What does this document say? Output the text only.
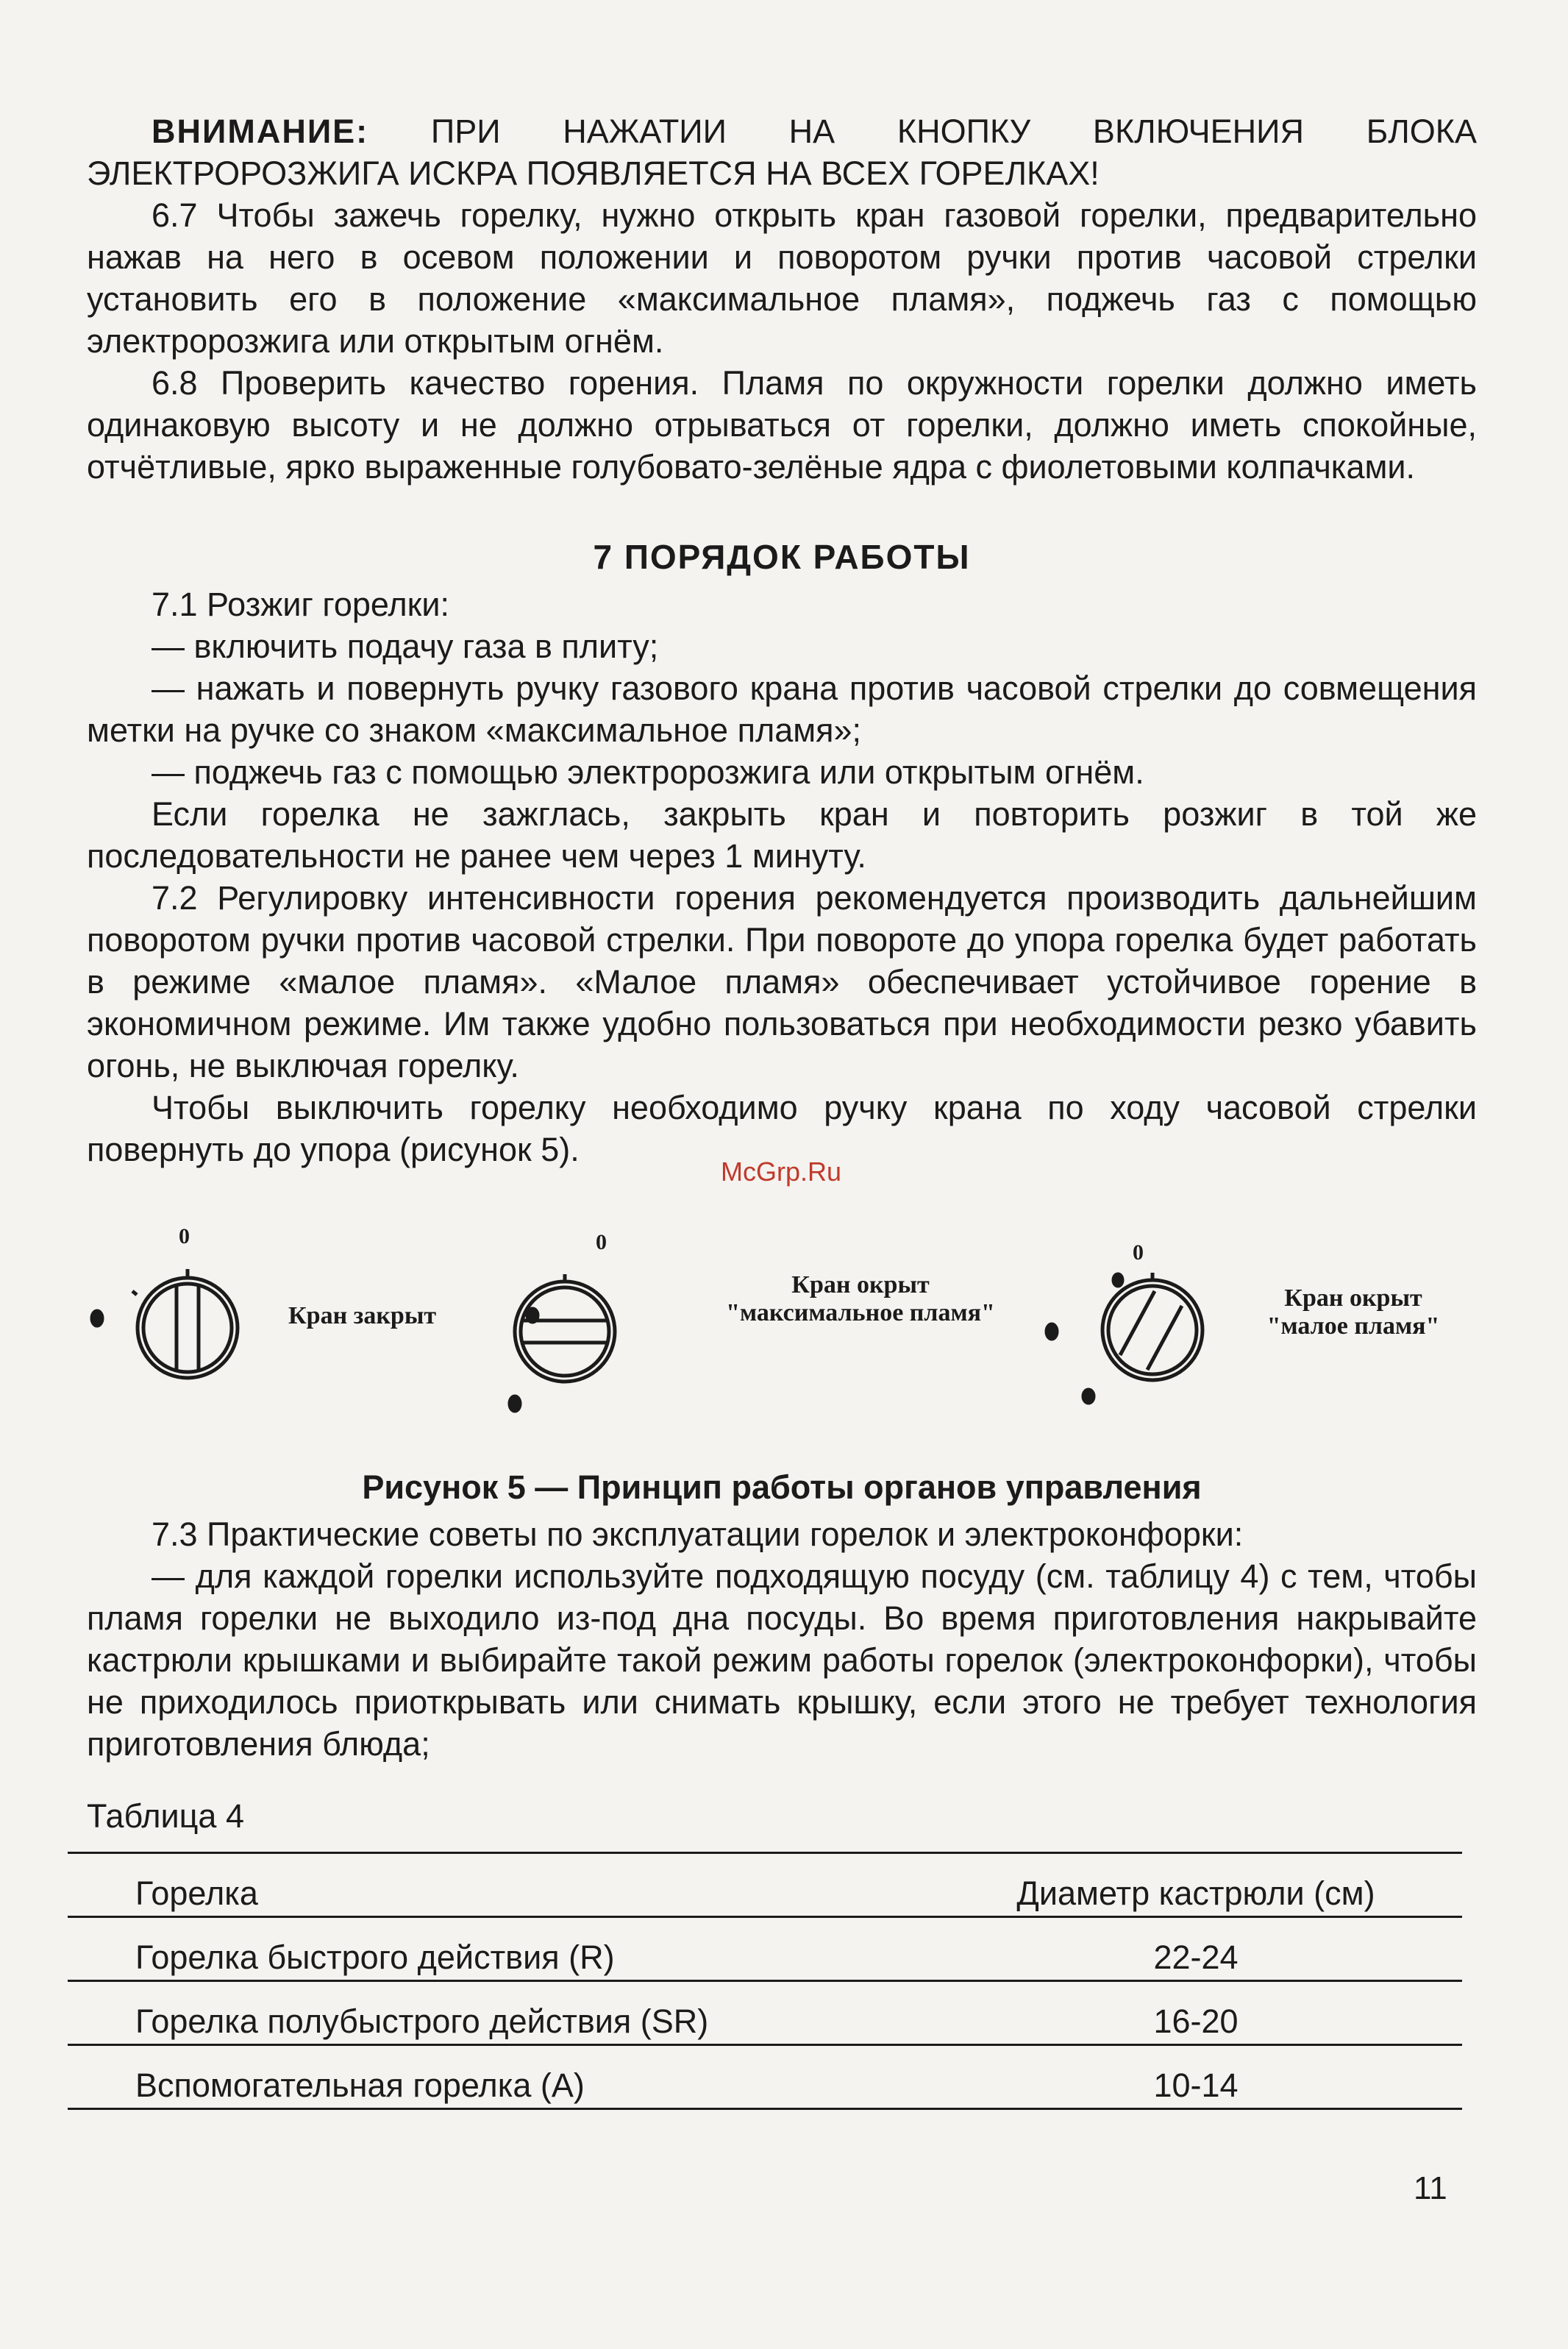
ВНИМАНИЕ: ПРИ НАЖАТИИ НА КНОПКУ ВКЛЮЧЕНИЯ БЛОКА ЭЛЕКТРОРОЗЖИГА ИСКРА ПОЯВЛЯЕТСЯ НА ВСЕХ ГОРЕЛКАХ!

6.7 Чтобы зажечь горелку, нужно открыть кран газовой горелки, предварительно нажав на него в осевом положении и поворотом ручки против часовой стрелки установить его в положение «максимальное пламя», поджечь газ с помощью электророзжига или открытым огнём.

6.8 Проверить качество горения. Пламя по окружности горелки должно иметь одинаковую высоту и не должно отрываться от горелки, должно иметь спокойные, отчётливые, ярко выраженные голубовато-зелёные ядра с фиолетовыми колпачками.

7 ПОРЯДОК РАБОТЫ

7.1 Розжиг горелки:

— включить подачу газа в плиту;

— нажать и повернуть ручку газового крана против часовой стрелки до совмещения метки на ручке со знаком «максимальное пламя»;

— поджечь газ с помощью электророзжига или открытым огнём.

Если горелка не зажглась, закрыть кран и повторить розжиг в той же последовательности не ранее чем через 1 минуту.

7.2 Регулировку интенсивности горения рекомендуется производить дальнейшим поворотом ручки против часовой стрелки. При повороте до упора горелка будет работать в режиме «малое пламя». «Малое пламя» обеспечивает устойчивое горение в экономичном режиме. Им также удобно пользоваться при необходимости резко убавить огонь, не выключая горелку.

Чтобы выключить горелку необходимо ручку крана по ходу часовой стрелки повернуть до упора (рисунок 5).

McGrp.Ru
0	0	0
Кран закрыт
Кран окрыт
"максимальное пламя"
Кран окрыт
"малое пламя"
Рисунок 5 — Принцип работы органов управления

7.3 Практические советы по эксплуатации горелок и электроконфорки:

— для каждой горелки используйте подходящую посуду (см. таблицу 4) с тем, чтобы пламя горелки не выходило из-под дна посуды. Во время приготовления накрывайте кастрюли крышками и выбирайте такой режим работы горелок (электроконфорки), чтобы не приходилось приоткрывать или снимать крышку, если этого не требует технология приготовления блюда;

Таблица 4
Горелка	Диаметр кастрюли (см)
Горелка быстрого действия (R)	22-24
Горелка полубыстрого действия (SR)	16-20
Вспомогательная горелка (A)	10-14
11
